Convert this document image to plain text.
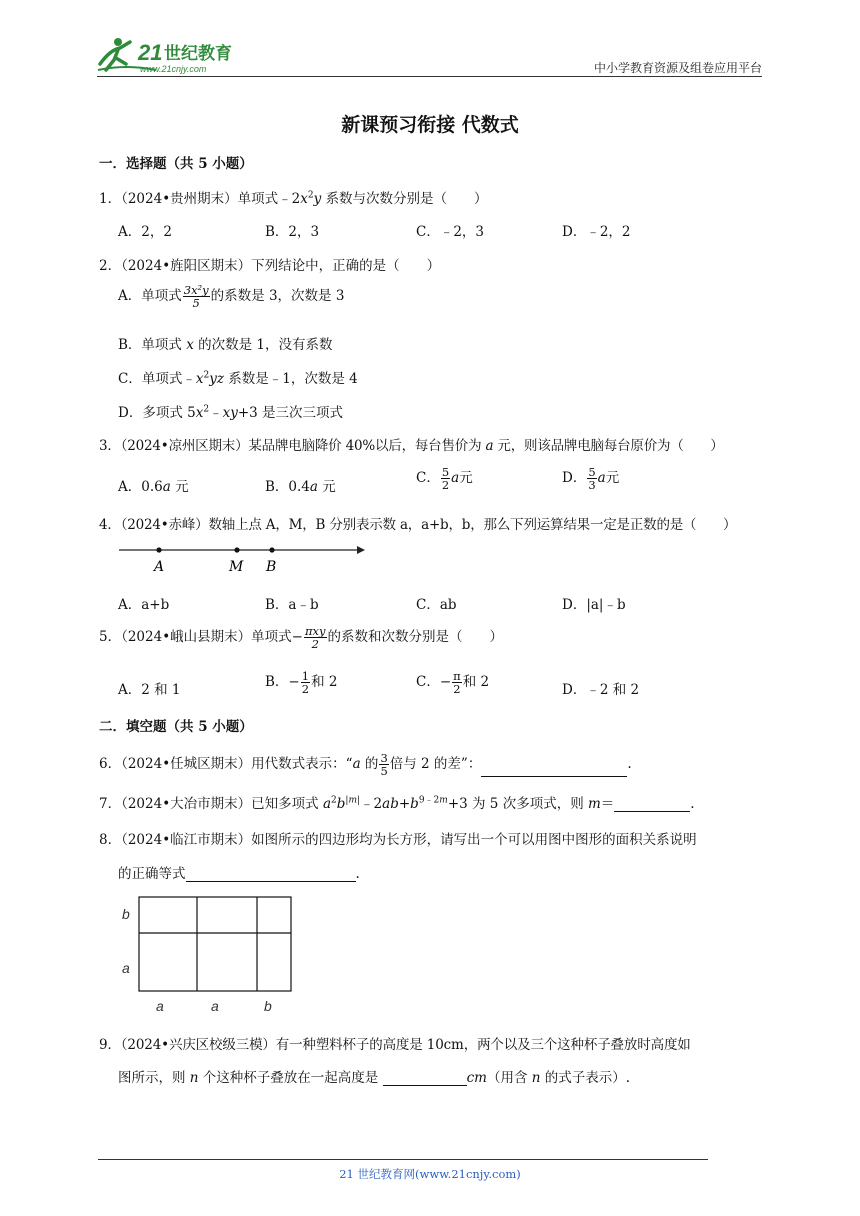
21 世纪教育
www.21cnjy.com	中小学教育资源及组卷应用平台
新课预习衔接 代数式
一．选择题（共 5 小题）
1．（2024•贵州期末）单项式$﹣2x^2y$ 系数与次数分别是（　　）
A．2，2	B．2，3	C．﹣2，3	D．﹣2，2
2．（2024•旌阳区期末）下列结论中，正确的是（　　）
A．单项式 $\frac{\text{3x²y}}{5}$ 的系数是 3，次数是 3
B．单项式 x 的次数是 1，没有系数
C．单项式$﹣x^2yz$ 系数是﹣1，次数是 4
D．多项式 $5x^2﹣xy+3$ 是三次三项式
3．（2024•凉州区期末）某品牌电脑降价 40%以后，每台售价为 a 元，则该品牌电脑每台原价为（　　）
A．0.6a 元	B．0.4a 元
C． $\frac{5}{2}$ a元	D． $\frac{5}{3}$ a元
4．（2024•赤峰）数轴上点 A，M，B 分别表示数 a，a+b，b，那么下列运算结果一定是正数的是（　　）
A	M B
A．a+b	B．a﹣b	C．ab	D．|a|﹣b
5．（2024•峨山县期末）单项式− $\frac{\text{πxy}}{2}$ 的系数和次数分别是（　　）
A．2 和 1	B．− $\frac{1}{2}$ 和 2	C．− $\frac{\pi}{2}$ 和 2	D．﹣2 和 2
二．填空题（共 5 小题）
6．（2024•任城区期末）用代数式表示：“a 的 $\frac{3}{5}$ 倍与 2 的差”：	.
7．（2024•大冶市期末）已知多项式 $a^2b^{|m|}﹣2ab+b^{9﹣2m}+3$ 为 5 次多项式，则 m＝	.
8．（2024•临江市期末）如图所示的四边形均为长方形，请写出一个可以用图中图形的面积关系说明
的正确等式	.
b
a
a	a	b
9．（2024•兴庆区校级三模）有一种塑料杯子的高度是 10cm，两个以及三个这种杯子叠放时高度如
图所示，则 n 个这种杯子叠放在一起高度是	cm（用含 n 的式子表示）.
21 世纪教育网(www.21cnjy.com)
